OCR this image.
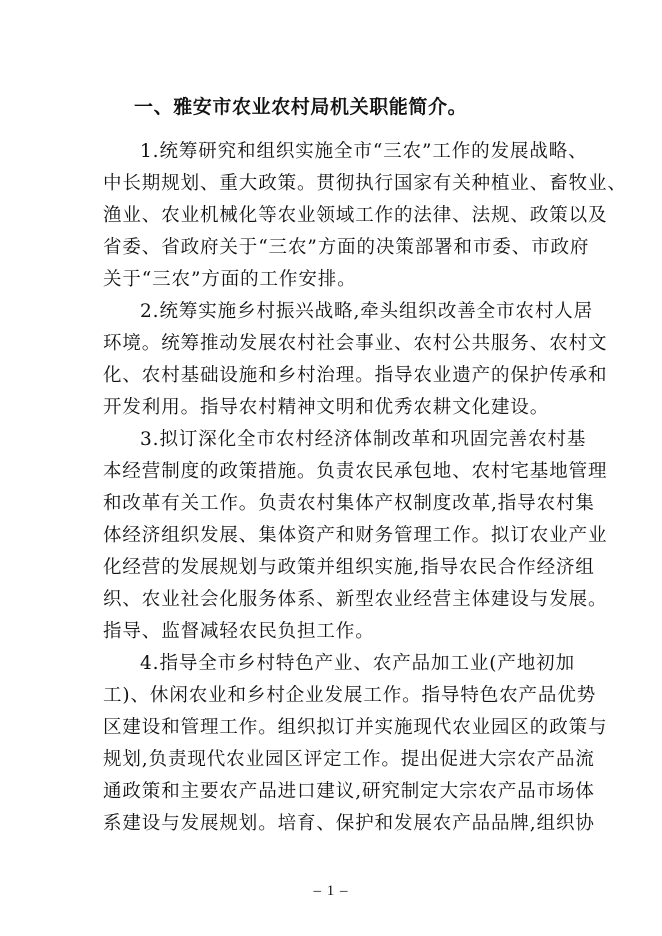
一、雅安市农业农村局机关职能简介。
1.统筹研究和组织实施全市“三农”工作的发展战略、
中长期规划、重大政策。贯彻执行国家有关种植业、畜牧业、
渔业、农业机械化等农业领域工作的法律、法规、政策以及
省委、省政府关于“三农”方面的决策部署和市委、市政府
关于“三农”方面的工作安排。
2.统筹实施乡村振兴战略,牵头组织改善全市农村人居
环境。统筹推动发展农村社会事业、农村公共服务、农村文
化、农村基础设施和乡村治理。指导农业遗产的保护传承和
开发利用。指导农村精神文明和优秀农耕文化建设。
3.拟订深化全市农村经济体制改革和巩固完善农村基
本经营制度的政策措施。负责农民承包地、农村宅基地管理
和改革有关工作。负责农村集体产权制度改革,指导农村集
体经济组织发展、集体资产和财务管理工作。拟订农业产业
化经营的发展规划与政策并组织实施,指导农民合作经济组
织、农业社会化服务体系、新型农业经营主体建设与发展。
指导、监督减轻农民负担工作。
4.指导全市乡村特色产业、农产品加工业(产地初加
工)、休闲农业和乡村企业发展工作。指导特色农产品优势
区建设和管理工作。组织拟订并实施现代农业园区的政策与
规划,负责现代农业园区评定工作。提出促进大宗农产品流
通政策和主要农产品进口建议,研究制定大宗农产品市场体
系建设与发展规划。培育、保护和发展农产品品牌,组织协
– 1 –
